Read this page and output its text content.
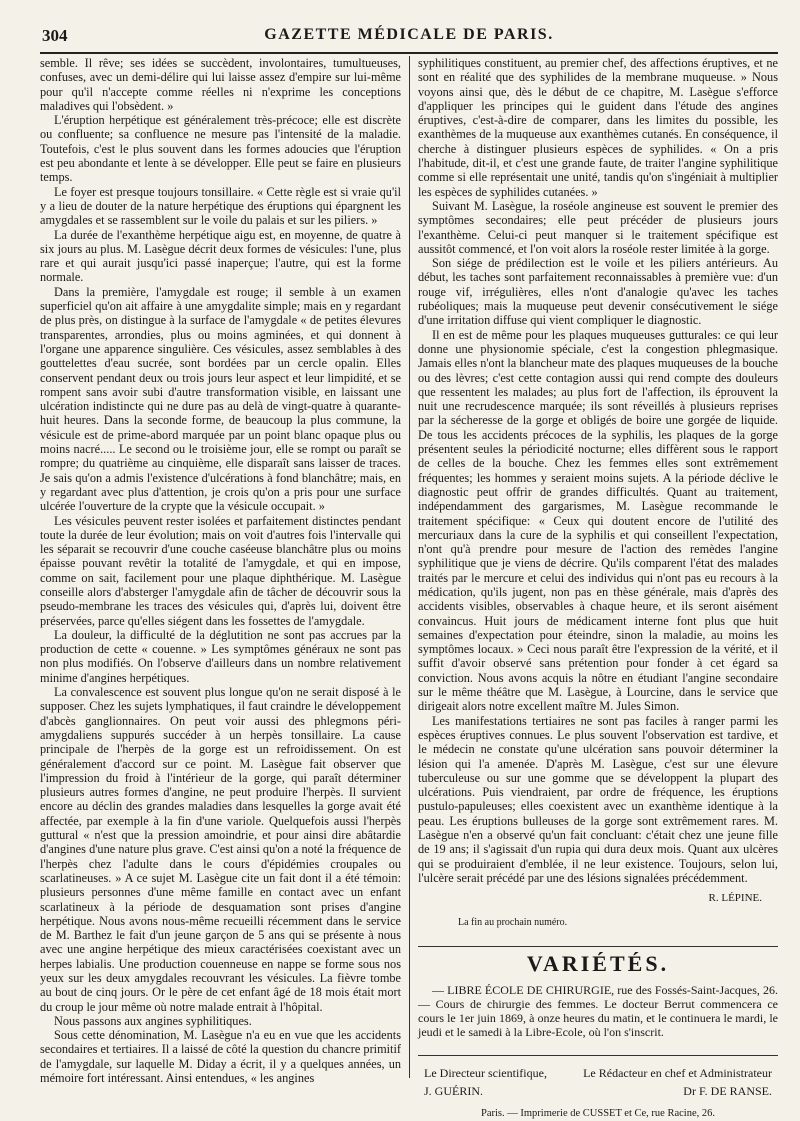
304	GAZETTE MÉDICALE DE PARIS.

semble. Il rêve; ses idées se succèdent, involontaires, tumultueuses, confuses, avec un demi-délire qui lui laisse assez d'empire sur lui-même pour qu'il n'accepte comme réelles ni n'exprime les conceptions maladives qui l'obsèdent. »

L'éruption herpétique est généralement très-précoce; elle est discrète ou confluente; sa confluence ne mesure pas l'intensité de la maladie. Toutefois, c'est le plus souvent dans les formes adoucies que l'éruption est peu abondante et lente à se développer. Elle peut se faire en plusieurs temps.

Le foyer est presque toujours tonsillaire. « Cette règle est si vraie qu'il y a lieu de douter de la nature herpétique des éruptions qui épargnent les amygdales et se rassemblent sur le voile du palais et sur les piliers. »

La durée de l'exanthème herpétique aigu est, en moyenne, de quatre à six jours au plus. M. Lasègue décrit deux formes de vésicules: l'une, plus rare et qui aurait jusqu'ici passé inaperçue; l'autre, qui est la forme normale.

Dans la première, l'amygdale est rouge; il semble à un examen superficiel qu'on ait affaire à une amygdalite simple; mais en y regardant de plus près, on distingue à la surface de l'amygdale « de petites élevures transparentes, arrondies, plus ou moins agminées, et qui donnent à l'organe une apparence singulière. Ces vésicules, assez semblables à des gouttelettes d'eau sucrée, sont bordées par un cercle opalin. Elles conservent pendant deux ou trois jours leur aspect et leur limpidité, et se rompent sans avoir subi d'autre transformation visible, en laissant une ulcération indistincte qui ne dure pas au delà de vingt-quatre à quarante-huit heures. Dans la seconde forme, de beaucoup la plus commune, la vésicule est de prime-abord marquée par un point blanc opaque plus ou moins nacré..... Le second ou le troisième jour, elle se rompt ou paraît se rompre; du quatrième au cinquième, elle disparaît sans laisser de traces. Je sais qu'on a admis l'existence d'ulcérations à fond blanchâtre; mais, en y regardant avec plus d'attention, je crois qu'on a pris pour une surface ulcérée l'ouverture de la crypte que la vésicule occupait. »

Les vésicules peuvent rester isolées et parfaitement distinctes pendant toute la durée de leur évolution; mais on voit d'autres fois l'intervalle qui les séparait se recouvrir d'une couche caséeuse blanchâtre plus ou moins épaisse pouvant revêtir la totalité de l'amygdale, et qui en impose, comme on sait, facilement pour une plaque diphthérique. M. Lasègue conseille alors d'absterger l'amygdale afin de tâcher de découvrir sous la pseudo-membrane les traces des vésicules qui, d'après lui, doivent être préservées, parce qu'elles siégent dans les fossettes de l'amygdale.

La douleur, la difficulté de la déglutition ne sont pas accrues par la production de cette « couenne. » Les symptômes généraux ne sont pas non plus modifiés. On l'observe d'ailleurs dans un nombre relativement minime d'angines herpétiques.

La convalescence est souvent plus longue qu'on ne serait disposé à le supposer. Chez les sujets lymphatiques, il faut craindre le développement d'abcès ganglionnaires. On peut voir aussi des phlegmons péri-amygdaliens suppurés succéder à un herpès tonsillaire. La cause principale de l'herpès de la gorge est un refroidissement. On est généralement d'accord sur ce point. M. Lasègue fait observer que l'impression du froid à l'intérieur de la gorge, qui paraît déterminer plusieurs autres formes d'angine, ne peut produire l'herpès. Il survient encore au déclin des grandes maladies dans lesquelles la gorge avait été affectée, par exemple à la fin d'une variole. Quelquefois aussi l'herpès guttural « n'est que la pression amoindrie, et pour ainsi dire abâtardie d'angines d'une nature plus grave. C'est ainsi qu'on a noté la fréquence de l'herpès chez l'adulte dans le cours d'épidémies croupales ou scarlatineuses. » A ce sujet M. Lasègue cite un fait dont il a été témoin: plusieurs personnes d'une même famille en contact avec un enfant scarlatineux à la période de desquamation sont prises d'angine herpétique. Nous avons nous-même recueilli récemment dans le service de M. Barthez le fait d'un jeune garçon de 5 ans qui se présente à nous avec une angine herpétique des mieux caractérisées coexistant avec un herpes labialis. Une production couenneuse en nappe se forme sous nos yeux sur les deux amygdales recouvrant les vésicules. La fièvre tombe au bout de cinq jours. Or le père de cet enfant âgé de 18 mois était mort du croup le jour même où notre malade entrait à l'hôpital.

Nous passons aux angines syphilitiques.

Sous cette dénomination, M. Lasègue n'a eu en vue que les accidents secondaires et tertiaires. Il a laissé de côté la question du chancre primitif de l'amygdale, sur laquelle M. Diday a écrit, il y a quelques années, un mémoire fort intéressant. Ainsi entendues, « les angines

syphilitiques constituent, au premier chef, des affections éruptives, et ne sont en réalité que des syphilides de la membrane muqueuse. » Nous voyons ainsi que, dès le début de ce chapitre, M. Lasègue s'efforce d'appliquer les principes qui le guident dans l'étude des angines éruptives, c'est-à-dire de comparer, dans les limites du possible, les exanthèmes de la muqueuse aux exanthèmes cutanés. En conséquence, il cherche à distinguer plusieurs espèces de syphilides. « On a pris l'habitude, dit-il, et c'est une grande faute, de traiter l'angine syphilitique comme si elle représentait une unité, tandis qu'on s'ingéniait à multiplier les espèces de syphilides cutanées. »

Suivant M. Lasègue, la roséole angineuse est souvent le premier des symptômes secondaires; elle peut précéder de plusieurs jours l'exanthème. Celui-ci peut manquer si le traitement spécifique est aussitôt commencé, et l'on voit alors la roséole rester limitée à la gorge.

Son siége de prédilection est le voile et les piliers antérieurs. Au début, les taches sont parfaitement reconnaissables à première vue: d'un rouge vif, irrégulières, elles n'ont d'analogie qu'avec les taches rubéoliques; mais la muqueuse peut devenir consécutivement le siége d'une irritation diffuse qui vient compliquer le diagnostic.

Il en est de même pour les plaques muqueuses gutturales: ce qui leur donne une physionomie spéciale, c'est la congestion phlegmasique. Jamais elles n'ont la blancheur mate des plaques muqueuses de la bouche ou des lèvres; c'est cette contagion aussi qui rend compte des douleurs que ressentent les malades; au plus fort de l'affection, ils éprouvent la nuit une recrudescence marquée; ils sont réveillés à plusieurs reprises par la sécheresse de la gorge et obligés de boire une gorgée de liquide. De tous les accidents précoces de la syphilis, les plaques de la gorge présentent seules la périodicité nocturne; elles diffèrent sous le rapport de celles de la bouche. Chez les femmes elles sont extrêmement fréquentes; les hommes y seraient moins sujets. A la période déclive le diagnostic peut offrir de grandes difficultés. Quant au traitement, indépendamment des gargarismes, M. Lasègue recommande le traitement spécifique: « Ceux qui doutent encore de l'utilité des mercuriaux dans la cure de la syphilis et qui conseillent l'expectation, n'ont qu'à prendre pour mesure de l'action des remèdes l'angine syphilitique que je viens de décrire. Qu'ils comparent l'état des malades traités par le mercure et celui des individus qui n'ont pas eu recours à la médication, qu'ils jugent, non pas en thèse générale, mais d'après des accidents visibles, observables à chaque heure, et ils seront aisément convaincus. Huit jours de médicament interne font plus que huit semaines d'expectation pour éteindre, sinon la maladie, au moins les symptômes locaux. » Ceci nous paraît être l'expression de la vérité, et il suffit d'avoir observé sans prétention pour fonder à cet égard sa conviction. Nous avons acquis la nôtre en étudiant l'angine secondaire sur le même théâtre que M. Lasègue, à Lourcine, dans le service que dirigeait alors notre excellent maître M. Jules Simon.

Les manifestations tertiaires ne sont pas faciles à ranger parmi les espèces éruptives connues. Le plus souvent l'observation est tardive, et le médecin ne constate qu'une ulcération sans pouvoir déterminer la lésion qui l'a amenée. D'après M. Lasègue, c'est sur une élevure tuberculeuse ou sur une gomme que se développent la plupart des ulcérations. Puis viendraient, par ordre de fréquence, les éruptions pustulo-papuleuses; elles coexistent avec un exanthème identique à la peau. Les éruptions bulleuses de la gorge sont extrêmement rares. M. Lasègue n'en a observé qu'un fait concluant: c'était chez une jeune fille de 19 ans; il s'agissait d'un rupia qui dura deux mois. Quant aux ulcères qui se produiraient d'emblée, il ne leur existence. Toujours, selon lui, l'ulcère serait précédé par une des lésions signalées précédemment.

R. LÉPINE.
La fin au prochain numéro.
VARIÉTÉS.

— LIBRE ÉCOLE DE CHIRURGIE, rue des Fossés-Saint-Jacques, 26. — Cours de chirurgie des femmes. Le docteur Berrut commencera ce cours le 1er juin 1869, à onze heures du matin, et le continuera le mardi, le jeudi et le samedi à la Libre-Ecole, où l'on s'inscrit.

Le Directeur scientifique,	Le Rédacteur en chef et Administrateur
J. GUÉRIN.	Dr F. DE RANSE.
Paris. — Imprimerie de CUSSET et Ce, rue Racine, 26.
